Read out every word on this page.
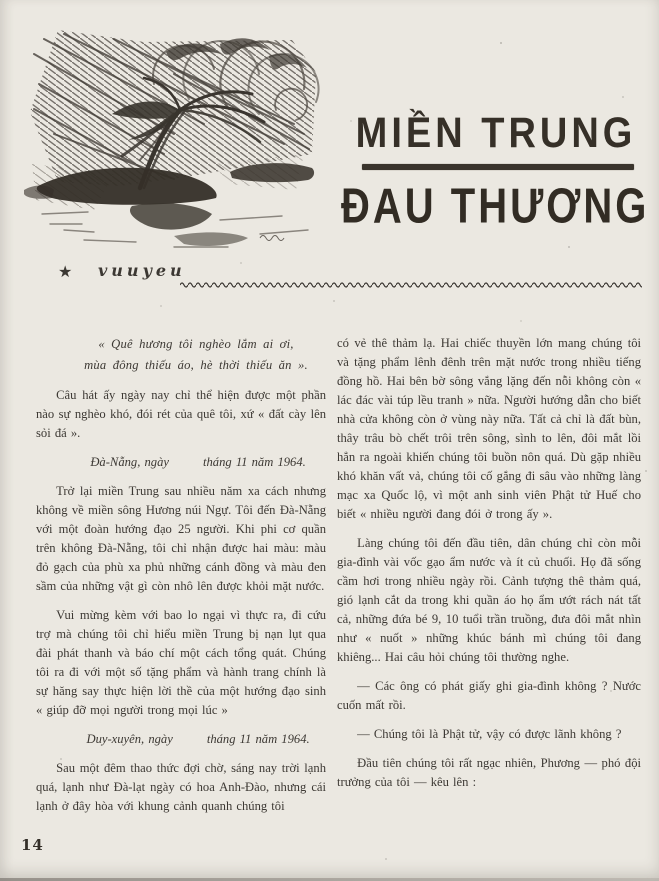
MIỀN TRUNG
ĐAU THƯƠNG
★ vuuyeu
« Quê hương tôi nghèo lắm ai ơi,
mùa đông thiếu áo, hè thời thiếu ăn ».

Câu hát ấy ngày nay chỉ thể hiện được một phần nào sự nghèo khó, đói rét của quê tôi, xứ « đất cày lên sỏi đá ».

Đà-Nẵng, ngày	tháng 11 năm 1964.

Trở lại miền Trung sau nhiều năm xa cách nhưng không về miền sông Hương núi Ngự. Tôi đến Đà-Nẵng với một đoàn hướng đạo 25 người. Khi phi cơ quần trên không Đà-Nẵng, tôi chỉ nhận được hai màu: màu đỏ gạch của phù xa phủ những cánh đồng và màu đen sầm của những vật gì còn nhô lên được khỏi mặt nước.

Vui mừng kèm với bao lo ngại vì thực ra, đi cứu trợ mà chúng tôi chỉ hiểu miền Trung bị nạn lụt qua đài phát thanh và báo chí một cách tổng quát. Chúng tôi ra đi với một số tặng phẩm và hành trang chính là sự hăng say thực hiện lời thề của một hướng đạo sinh « giúp đỡ mọi người trong mọi lúc »

Duy-xuyên, ngày	tháng 11 năm 1964.

Sau một đêm thao thức đợi chờ, sáng nay trời lạnh quá, lạnh như Đà-lạt ngày có hoa Anh-Đào, nhưng cái lạnh ở đây hòa với khung cảnh quanh chúng tôi

có vẻ thê thảm lạ. Hai chiếc thuyền lớn mang chúng tôi và tặng phẩm lênh đênh trên mặt nước trong nhiều tiếng đồng hồ. Hai bên bờ sông vắng lặng đến nỗi không còn « lác đác vài túp lều tranh » nữa. Người hướng dẫn cho biết nhà cửa không còn ở vùng này nữa. Tất cả chỉ là đất bùn, thây trâu bò chết trôi trên sông, sình to lên, đôi mắt lồi hẳn ra ngoài khiến chúng tôi buồn nôn quá. Dù gặp nhiều khó khăn vất vả, chúng tôi cố gắng đi sâu vào những làng mạc xa Quốc lộ, vì một anh sinh viên Phật tử Huế cho biết « nhiều người đang đói ở trong ấy ».

Làng chúng tôi đến đầu tiên, dân chúng chỉ còn mỗi gia-đình vài vốc gạo ẩm nước và ít củ chuối. Họ đã sống cầm hơi trong nhiều ngày rồi. Cảnh tượng thê thảm quá, gió lạnh cắt da trong khi quần áo họ ẩm ướt rách nát tất cả, những đứa bé 9, 10 tuổi trần truồng, đưa đôi mắt nhìn như « nuốt » những khúc bánh mì chúng tôi đang khiêng... Hai câu hỏi chúng tôi thường nghe.

— Các ông có phát giấy ghi gia-đình không ? Nước cuốn mất rồi.

— Chúng tôi là Phật tử, vậy có được lãnh không ?

Đầu tiên chúng tôi rất ngạc nhiên, Phương — phó đội trưởng của tôi — kêu lên :

14
